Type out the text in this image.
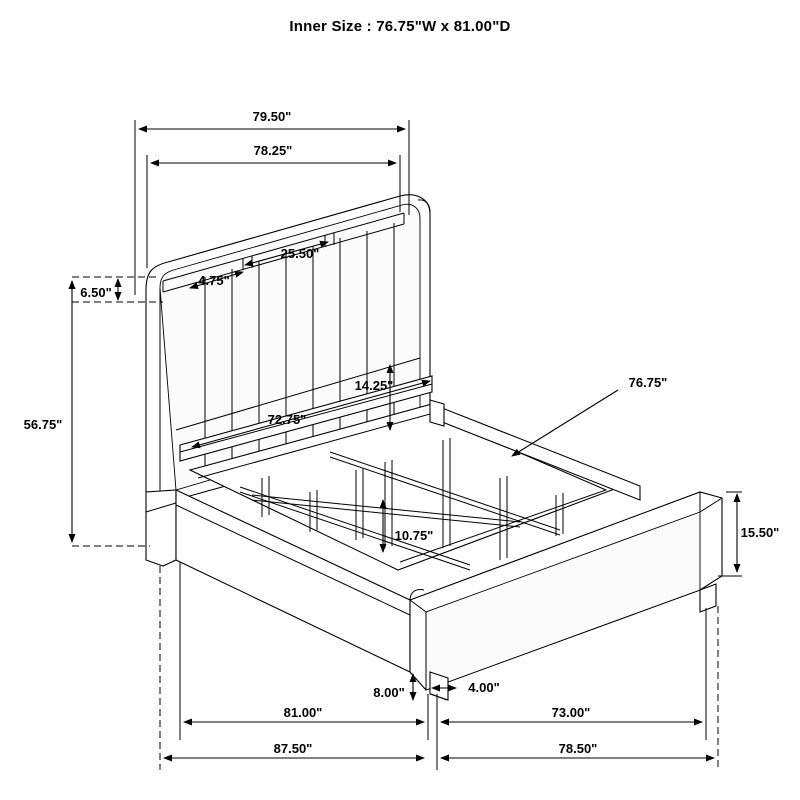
Inner Size : 76.75"W x 81.00"D
79.50"
78.25"
25.50"
4.75"
6.50"
56.75"
14.25"
72.75"
10.75"
76.75"
15.50"
8.00"	4.00"
81.00"	73.00"
87.50"	78.50"
